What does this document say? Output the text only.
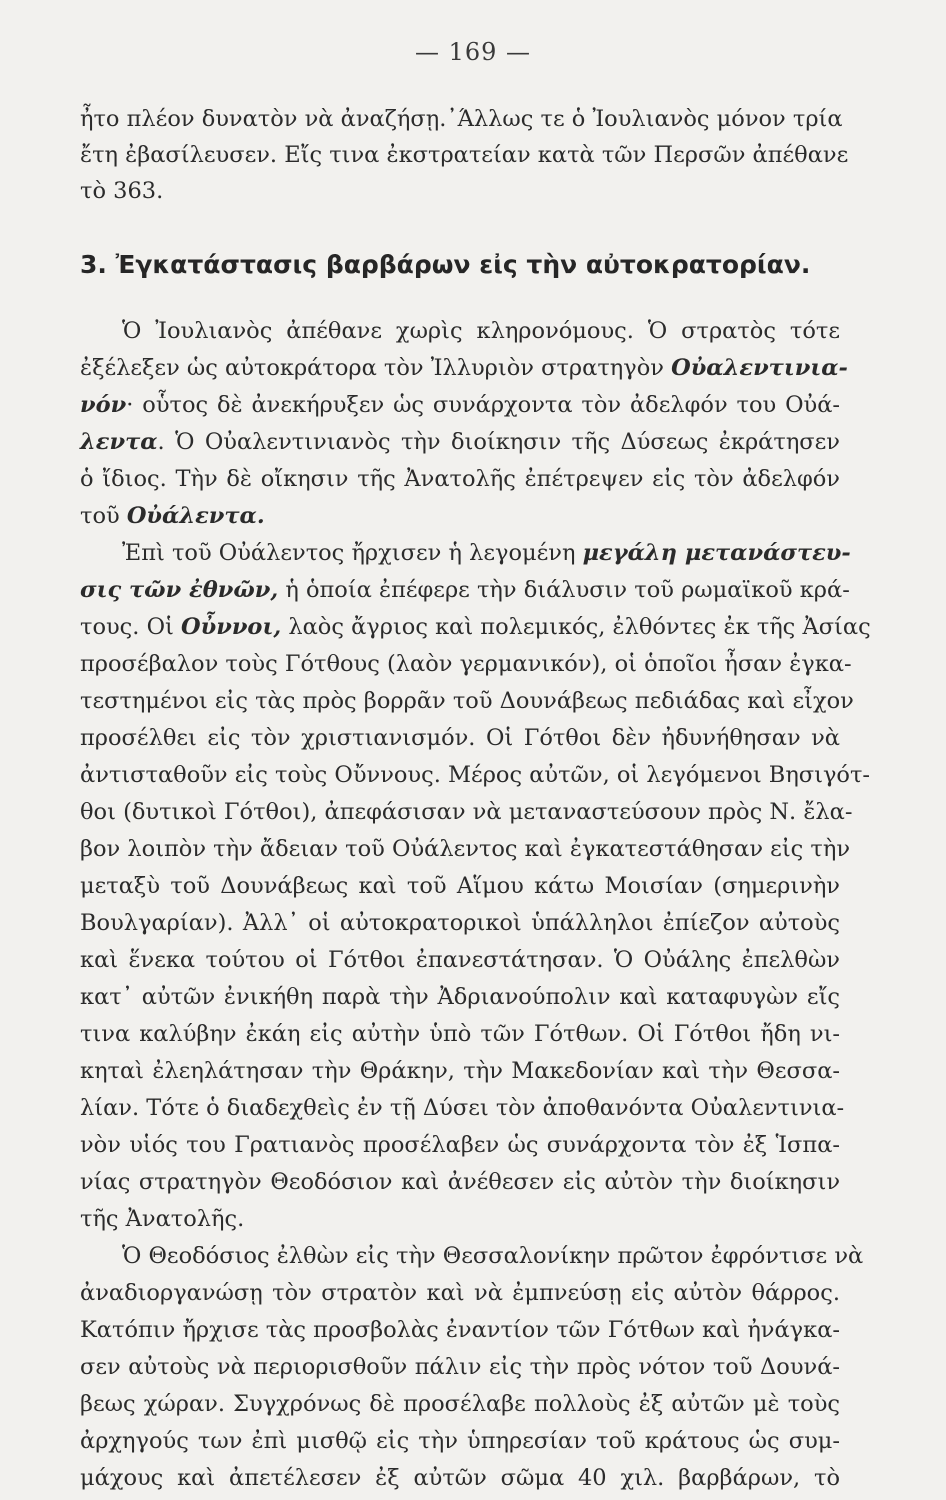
— 169 —
ἦτο πλέον δυνατὸν νὰ ἀναζήσῃ.᾽Άλλως τε ὁ Ἰουλιανὸς μόνον τρία
ἔτη ἐβασίλευσεν. Εἴς τινα ἐκστρατείαν κατὰ τῶν Περσῶν ἀπέθανε
τὸ 363.
3. Ἐγκατάστασις βαρβάρων εἰς τὴν αὐτοκρατορίαν.
Ὁ Ἰουλιανὸς ἀπέθανε χωρὶς κληρονόμους. Ὁ στρατὸς τότε
ἐξέλεξεν ὡς αὐτοκράτορα τὸν Ἰλλυριὸν στρατηγὸν Οὐαλεντινια-
νόν· οὗτος δὲ ἀνεκήρυξεν ὡς συνάρχοντα τὸν ἀδελφόν του Οὐά-
λεντα. Ὁ Οὐαλεντινιανὸς τὴν διοίκησιν τῆς Δύσεως ἐκράτησεν
ὁ ἴδιος. Τὴν δὲ οἴκησιν τῆς Ἀνατολῆς ἐπέτρεψεν εἰς τὸν ἀδελφόν
τοῦ Οὐάλεντα.
Ἐπὶ τοῦ Οὐάλεντος ἤρχισεν ἡ λεγομένη μεγάλη μετανάστευ-
σις τῶν ἐθνῶν, ἡ ὁποία ἐπέφερε τὴν διάλυσιν τοῦ ρωμαϊκοῦ κρά-
τους. Οἱ Οὖννοι, λαὸς ἄγριος καὶ πολεμικός, ἐλθόντες ἐκ τῆς Ἀσίας
προσέβαλον τοὺς Γότθους (λαὸν γερμανικόν), οἱ ὁποῖοι ἦσαν ἐγκα-
τεστημένοι εἰς τὰς πρὸς βορρᾶν τοῦ Δουνάβεως πεδιάδας καὶ εἶχον
προσέλθει εἰς τὸν χριστιανισμόν. Οἱ Γότθοι δὲν ἠδυνήθησαν νὰ
ἀντισταθοῦν εἰς τοὺς Οὔννους. Μέρος αὐτῶν, οἱ λεγόμενοι Βησιγότ-
θοι (δυτικοὶ Γότθοι), ἀπεφάσισαν νὰ μεταναστεύσουν πρὸς Ν. ἔλα-
βον λοιπὸν τὴν ἄδειαν τοῦ Οὐάλεντος καὶ ἐγκατεστάθησαν εἰς τὴν
μεταξὺ τοῦ Δουνάβεως καὶ τοῦ Αἵμου κάτω Μοισίαν (σημερινὴν
Βουλγαρίαν). Ἀλλ᾽ οἱ αὐτοκρατορικοὶ ὑπάλληλοι ἐπίεζον αὐτοὺς
καὶ ἕνεκα τούτου οἱ Γότθοι ἐπανεστάτησαν. Ὁ Οὐάλης ἐπελθὼν
κατ᾽ αὐτῶν ἐνικήθη παρὰ τὴν Ἀδριανούπολιν καὶ καταφυγὼν εἴς
τινα καλύβην ἐκάη εἰς αὐτὴν ὑπὸ τῶν Γότθων. Οἱ Γότθοι ἤδη νι-
κηταὶ ἐλεηλάτησαν τὴν Θράκην, τὴν Μακεδονίαν καὶ τὴν Θεσσα-
λίαν. Τότε ὁ διαδεχθεὶς ἐν τῇ Δύσει τὸν ἀποθανόντα Οὐαλεντινια-
νὸν υἱός του Γρατιανὸς προσέλαβεν ὡς συνάρχοντα τὸν ἐξ Ἱσπα-
νίας στρατηγὸν Θεοδόσιον καὶ ἀνέθεσεν εἰς αὐτὸν τὴν διοίκησιν
τῆς Ἀνατολῆς.
Ὁ Θεοδόσιος ἐλθὼν εἰς τὴν Θεσσαλονίκην πρῶτον ἐφρόντισε νὰ
ἀναδιοργανώσῃ τὸν στρατὸν καὶ νὰ ἐμπνεύσῃ εἰς αὐτὸν θάρρος.
Κατόπιν ἤρχισε τὰς προσβολὰς ἐναντίον τῶν Γότθων καὶ ἠνάγκα-
σεν αὐτοὺς νὰ περιορισθοῦν πάλιν εἰς τὴν πρὸς νότον τοῦ Δουνά-
βεως χώραν. Συγχρόνως δὲ προσέλαβε πολλοὺς ἐξ αὐτῶν μὲ τοὺς
ἀρχηγούς των ἐπὶ μισθῷ εἰς τὴν ὑπηρεσίαν τοῦ κράτους ὡς συμ-
μάχους καὶ ἀπετέλεσεν ἐξ αὐτῶν σῶμα 40 χιλ. βαρβάρων, τὸ
